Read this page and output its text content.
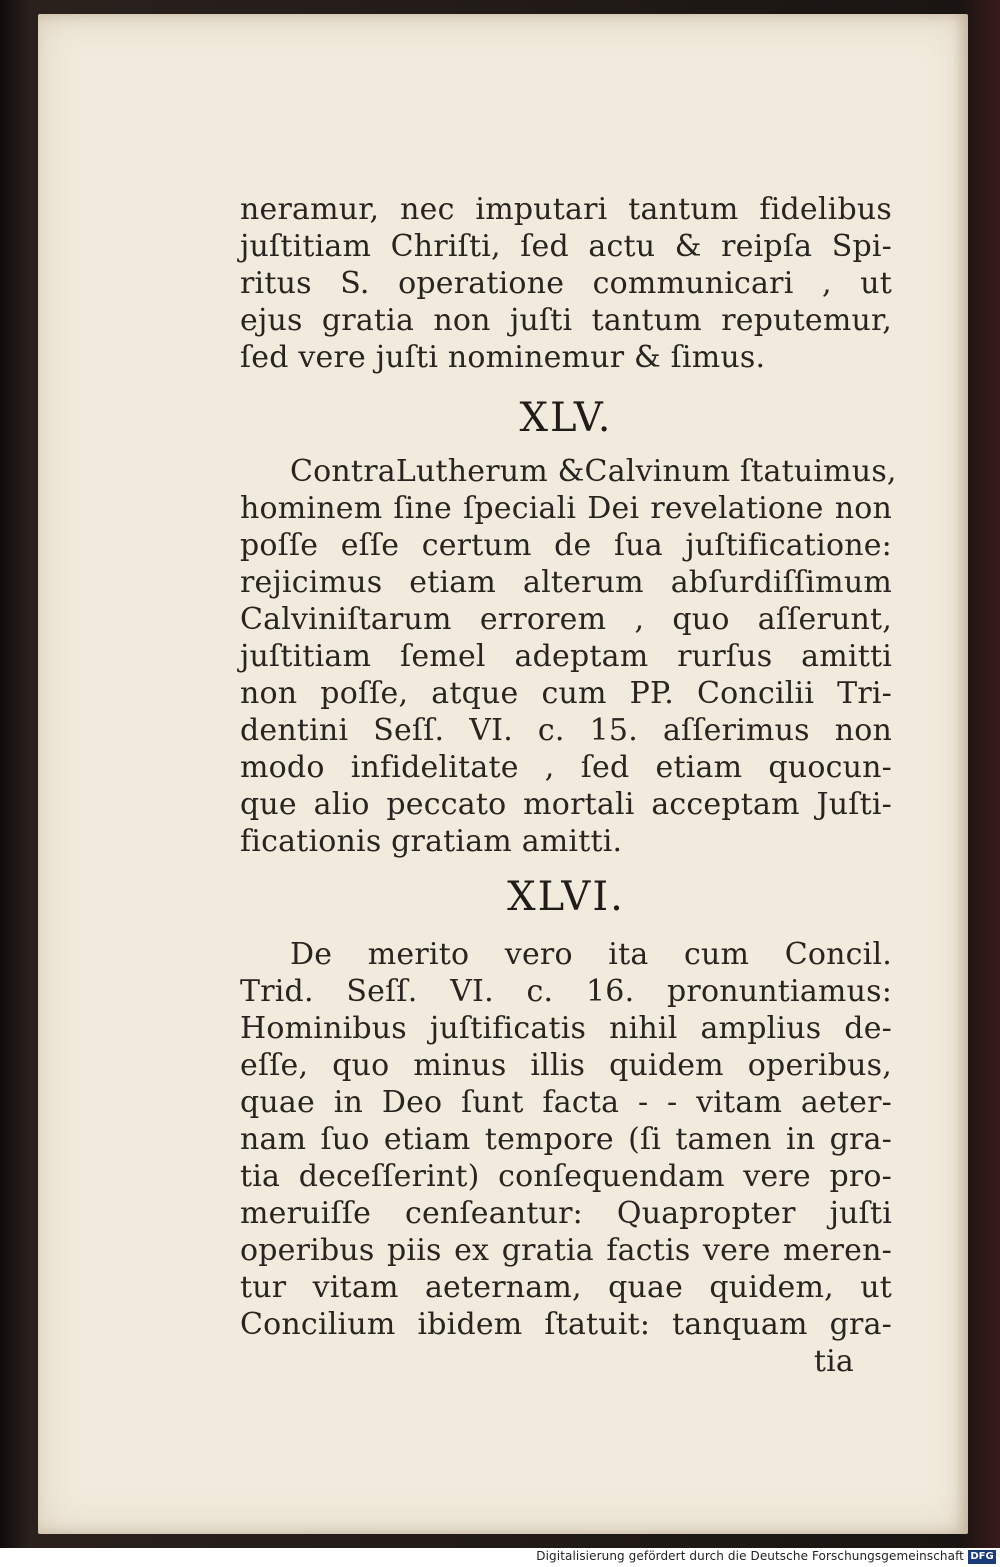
neramur, nec imputari tantum fidelibus
juſtitiam Chriſti, ſed actu & reipſa Spi-
ritus S. operatione communicari , ut
ejus gratia non juſti tantum reputemur,
ſed vere juſti nominemur & ſimus.
XLV.
ContraLutherum &Calvinum ſtatuimus,
hominem ſine ſpeciali Dei revelatione non
poſſe eſſe certum de ſua juſtificatione:
rejicimus etiam alterum abſurdiſſimum
Calviniſtarum errorem , quo aſſerunt,
juſtitiam ſemel adeptam rurſus amitti
non poſſe, atque cum PP. Concilii Tri-
dentini Seſſ. VI. c. 15. aſſerimus non
modo infidelitate , ſed etiam quocun-
que alio peccato mortali acceptam Juſti-
ficationis gratiam amitti.
XLVI.
De merito vero ita cum Concil.
Trid. Seſſ. VI. c. 16. pronuntiamus:
Hominibus juſtificatis nihil amplius de-
eſſe, quo minus illis quidem operibus,
quae in Deo ſunt facta - - vitam aeter-
nam ſuo etiam tempore (ſi tamen in gra-
tia deceſſerint) conſequendam vere pro-
meruiſſe cenſeantur: Quapropter juſti
operibus piis ex gratia factis vere meren-
tur vitam aeternam, quae quidem, ut
Concilium ibidem ſtatuit: tanquam gra-
tia
Digitalisierung gefördert durch die Deutsche Forschungsgemeinschaft DFG
